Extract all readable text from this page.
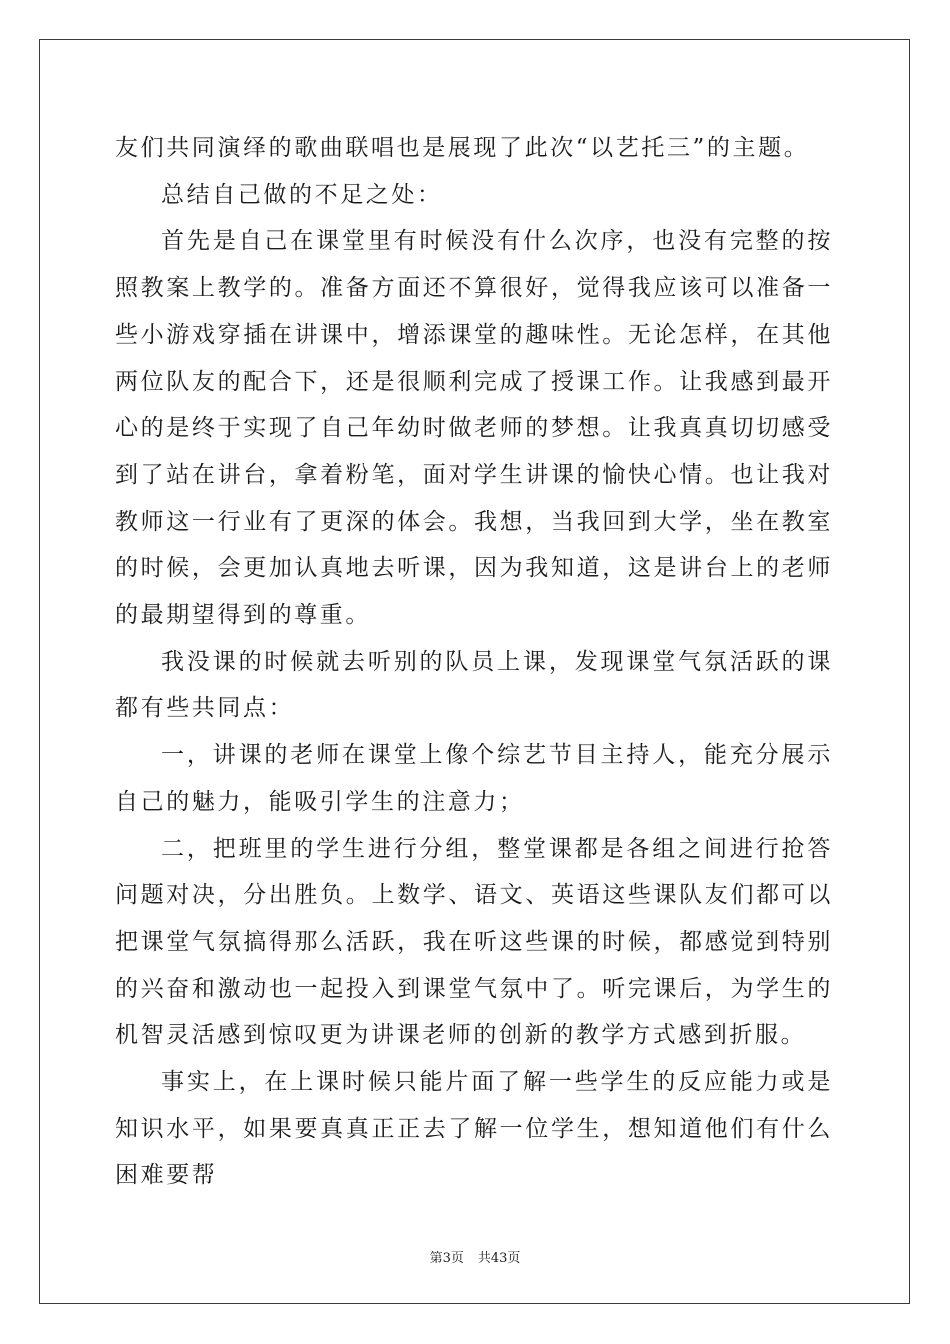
友们共同演绎的歌曲联唱也是展现了此次“以艺托三”的主题。

总结自己做的不足之处：

首先是自己在课堂里有时候没有什么次序，也没有完整的按照教案上教学的。准备方面还不算很好，觉得我应该可以准备一些小游戏穿插在讲课中，增添课堂的趣味性。无论怎样，在其他两位队友的配合下，还是很顺利完成了授课工作。让我感到最开心的是终于实现了自己年幼时做老师的梦想。让我真真切切感受到了站在讲台，拿着粉笔，面对学生讲课的愉快心情。也让我对教师这一行业有了更深的体会。我想，当我回到大学，坐在教室的时候，会更加认真地去听课，因为我知道，这是讲台上的老师的最期望得到的尊重。

我没课的时候就去听别的队员上课，发现课堂气氛活跃的课都有些共同点：

一，讲课的老师在课堂上像个综艺节目主持人，能充分展示自己的魅力，能吸引学生的注意力；

二，把班里的学生进行分组，整堂课都是各组之间进行抢答问题对决，分出胜负。上数学、语文、英语这些课队友们都可以把课堂气氛搞得那么活跃，我在听这些课的时候，都感觉到特别的兴奋和激动也一起投入到课堂气氛中了。听完课后，为学生的机智灵活感到惊叹更为讲课老师的创新的教学方式感到折服。

事实上，在上课时候只能片面了解一些学生的反应能力或是知识水平，如果要真真正正去了解一位学生，想知道他们有什么困难要帮

第3页 共43页
